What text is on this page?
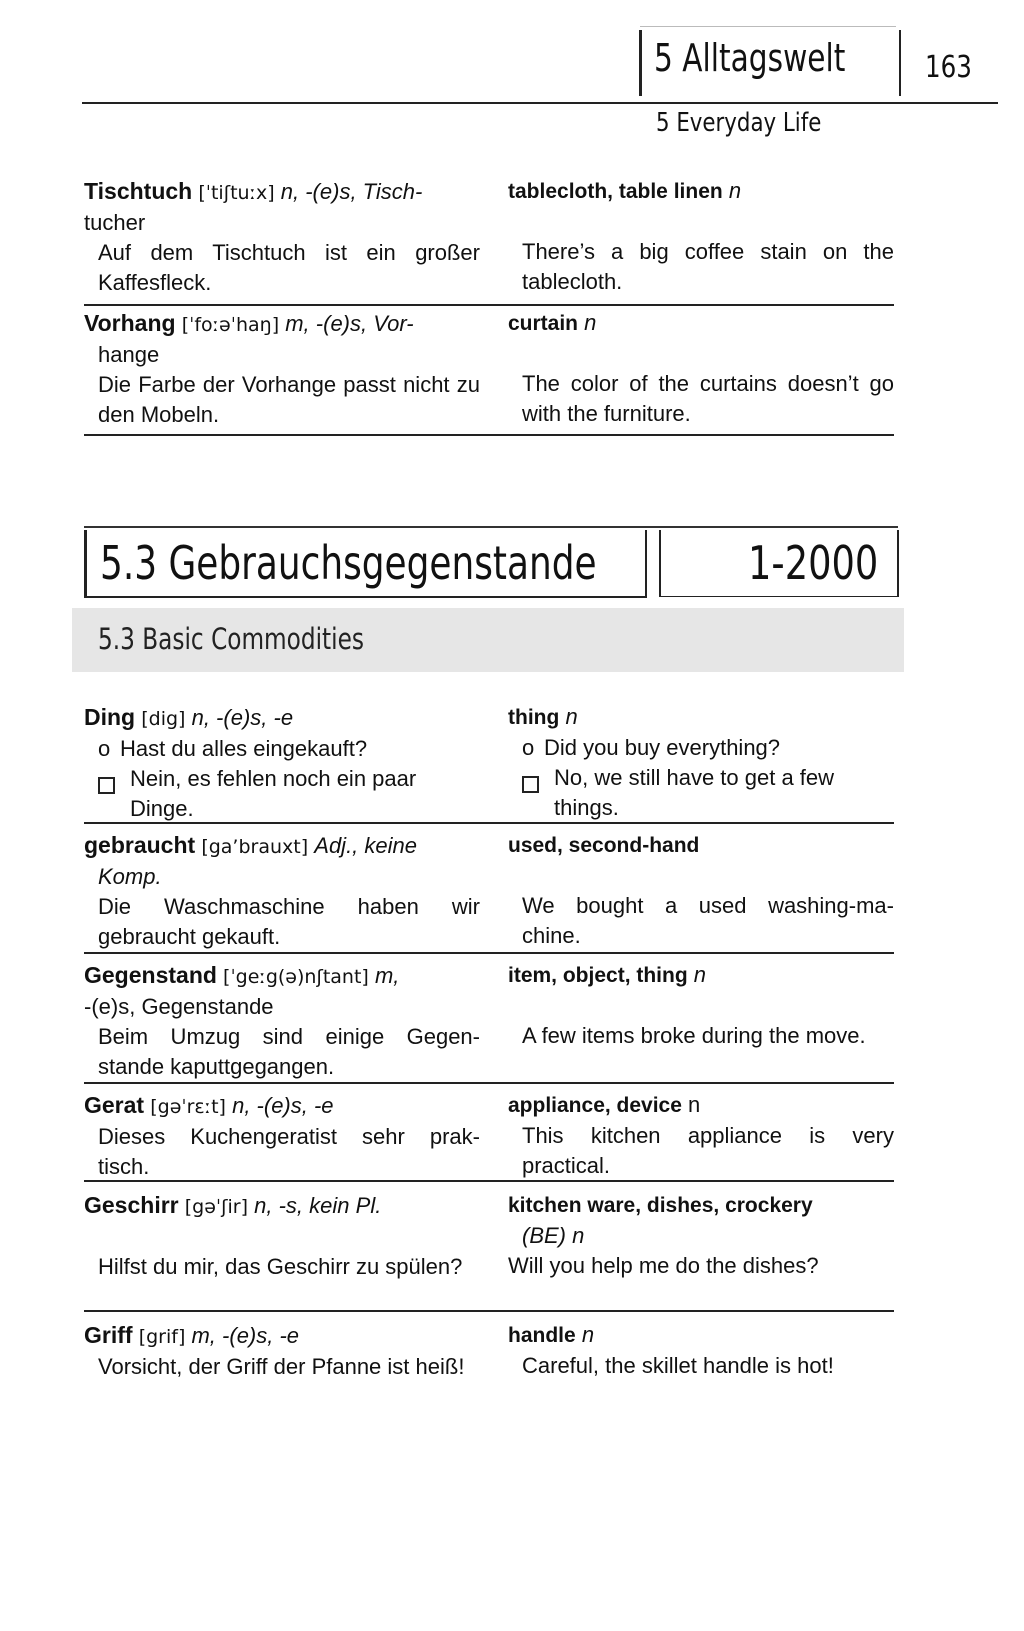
5 Alltagswelt	163
5 Everyday Life
Tischtuch [ˈtiʃtuːx] n, -(e)s, Tisch-
tucher
Auf dem Tischtuch ist ein großer Kaffesfleck.
tablecloth, table linen n
There’s a big coffee stain on the tablecloth.
Vorhang [ˈfoːəˈhaŋ] m, -(e)s, Vor-
hange
Die Farbe der Vorhange passt nicht zu den Mobeln.
curtain n
The color of the curtains doesn’t go with the furniture.
5.3 Gebrauchsgegenstande	1-2000
5.3 Basic Commodities
Ding [dig] n, -(e)s, -e
o Hast du alles eingekauft?
Nein, es fehlen noch ein paar Dinge.
thing n
o Did you buy everything?
No, we still have to get a few things.
gebraucht [ga’brauxt] Adj., keine
Komp.
Die Waschmaschine haben wir gebraucht gekauft.
used, second-hand
We bought a used washing-ma- chine.
Gegenstand [ˈgeːg(ə)nʃtant] m,
-(e)s, Gegenstande
Beim Umzug sind einige Gegen- stande kaputtgegangen.
item, object, thing n
A few items broke during the move.
Gerat [gəˈrɛːt] n, -(e)s, -e
Dieses Kuchengeratist sehr prak- tisch.
appliance, device n
This kitchen appliance is very practical.
Geschirr [gəˈʃir] n, -s, kein Pl.
Hilfst du mir, das Geschirr zu spülen?
kitchen ware, dishes, crockery
(BE) n
Will you help me do the dishes?
Griff [grif] m, -(e)s, -e
Vorsicht, der Griff der Pfanne ist heiß!
handle n
Careful, the skillet handle is hot!
